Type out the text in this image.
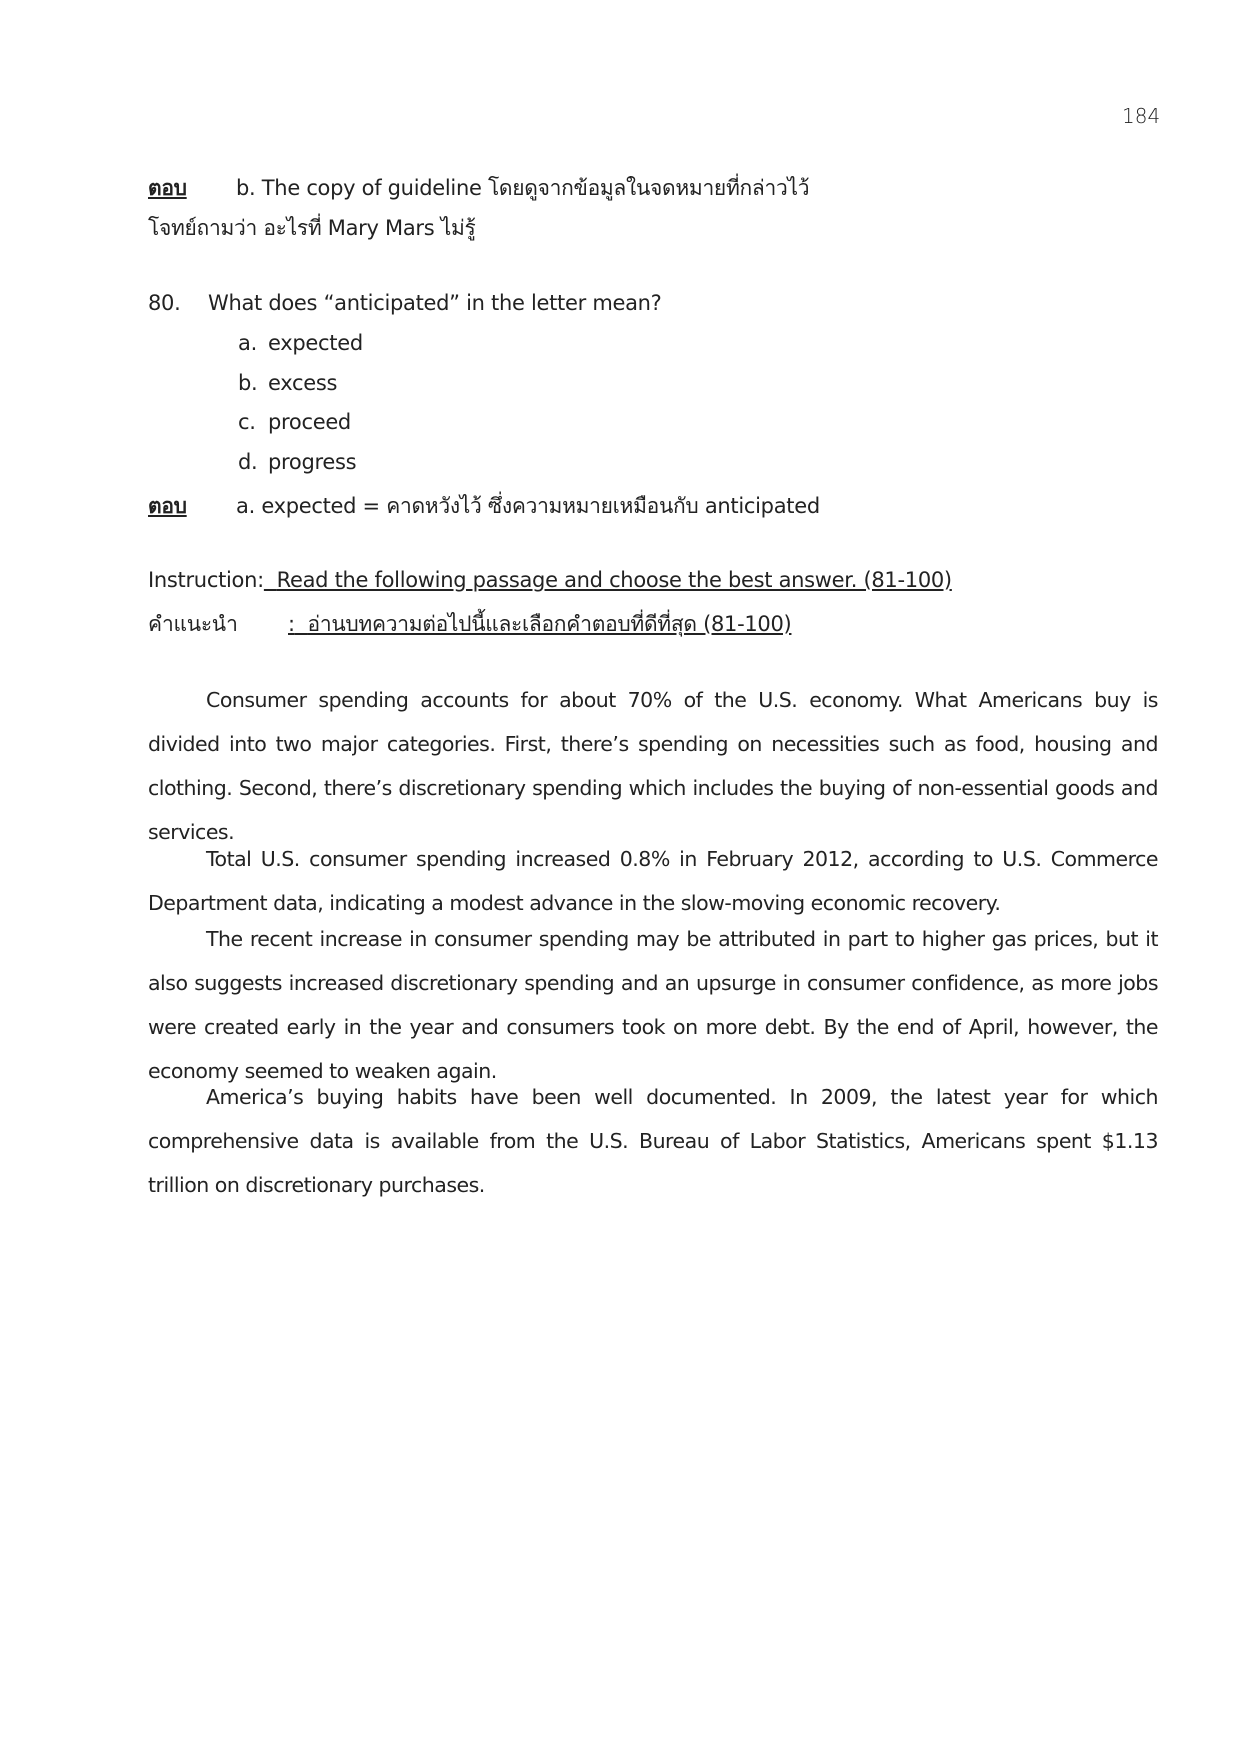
184
ตอบ b. The copy of guideline โดยดูจากข้อมูลในจดหมายที่กล่าวไว้
โจทย์ถามว่า อะไรที่ Mary Mars ไม่รู้
80. What does “anticipated” in the letter mean?
a. expected
b. excess
c. proceed
d. progress
ตอบ a. expected = คาดหวังไว้ ซึ่งความหมายเหมือนกับ anticipated
Instruction: Read the following passage and choose the best answer. (81-100)
คำแนะนำ : อ่านบทความต่อไปนี้และเลือกคำตอบที่ดีที่สุด (81-100)

Consumer spending accounts for about 70% of the U.S. economy. What Americans buy is divided into two major categories. First, there’s spending on necessities such as food, housing and clothing. Second, there’s discretionary spending which includes the buying of non-essential goods and services.

Total U.S. consumer spending increased 0.8% in February 2012, according to U.S. Commerce Department data, indicating a modest advance in the slow-moving economic recovery.

The recent increase in consumer spending may be attributed in part to higher gas prices, but it also suggests increased discretionary spending and an upsurge in consumer confidence, as more jobs were created early in the year and consumers took on more debt. By the end of April, however, the economy seemed to weaken again.

America’s buying habits have been well documented. In 2009, the latest year for which comprehensive data is available from the U.S. Bureau of Labor Statistics, Americans spent $1.13 trillion on discretionary purchases.
